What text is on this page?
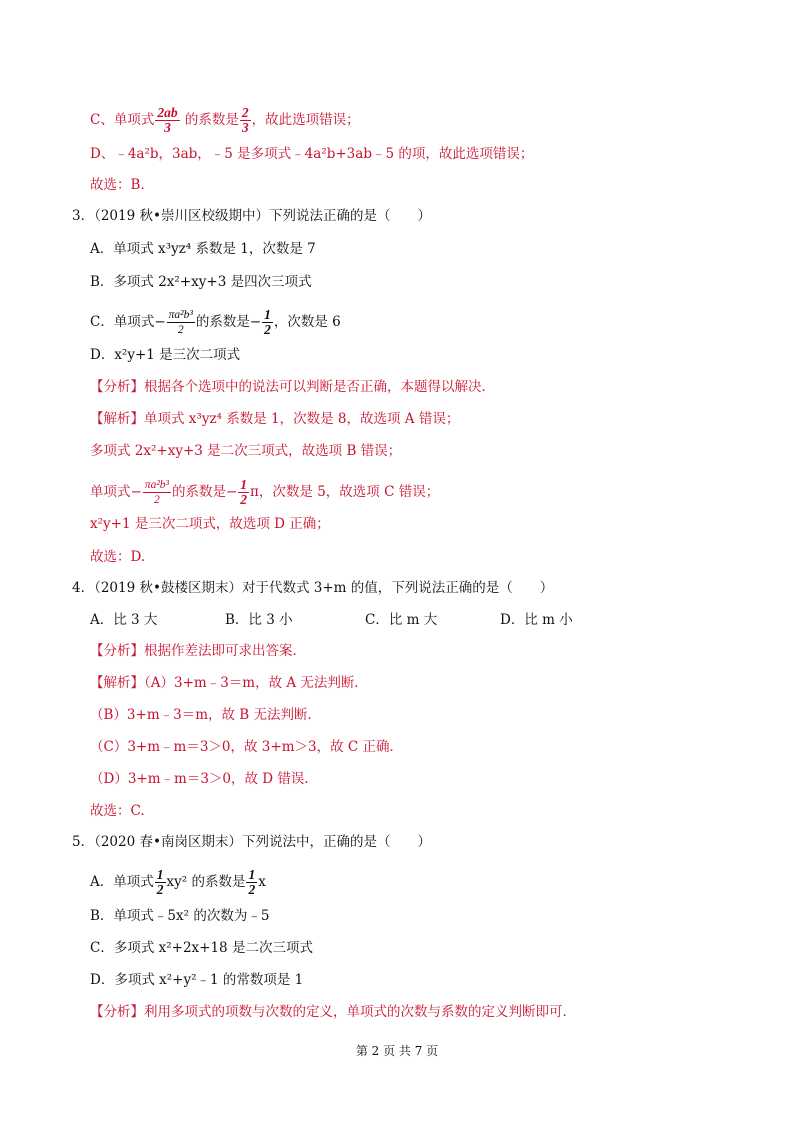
C、单项式 $\frac{2ab}{3}$ 的系数是 $\frac{2}{3}$ ，故此选项错误；
D、﹣4a²b，3ab，﹣5 是多项式﹣4a²b+3ab﹣5 的项，故此选项错误；
故选：B.
3．（2019 秋•崇川区校级期中）下列说法正确的是（　　）
A．单项式 x³yz⁴ 系数是 1，次数是 7
B．多项式 2x²+xy+3 是四次三项式
C．单项式− $\frac{\text{πa²b³}}{2}$ 的系数是− $\frac{1}{2}$ ，次数是 6
D．x²y+1 是三次二项式
【分析】根据各个选项中的说法可以判断是否正确，本题得以解决．
【解析】单项式 x³yz⁴ 系数是 1，次数是 8，故选项 A 错误；
多项式 2x²+xy+3 是二次三项式，故选项 B 错误；
单项式− $\frac{\text{πa²b³}}{2}$ 的系数是− $\frac{1}{2}$ π，次数是 5，故选项 C 错误；
x²y+1 是三次二项式，故选项 D 正确；
故选：D.
4．（2019 秋•鼓楼区期末）对于代数式 3+m 的值，下列说法正确的是（　　）
A．比 3 大	B．比 3 小	C．比 m 大	D．比 m 小
【分析】根据作差法即可求出答案．
【解析】（A）3+m﹣3＝m，故 A 无法判断．
（B）3+m﹣3＝m，故 B 无法判断．
（C）3+m﹣m＝3＞0，故 3+m＞3，故 C 正确．
（D）3+m﹣m＝3＞0，故 D 错误．
故选：C.
5．（2020 春•南岗区期末）下列说法中，正确的是（　　）
A．单项式 $\frac{1}{2} xy^2$ 的系数是 $\frac{1}{2}$ x
B．单项式﹣5x² 的次数为﹣5
C．多项式 x²+2x+18 是二次三项式
D．多项式 x²+y²﹣1 的常数项是 1
【分析】利用多项式的项数与次数的定义，单项式的次数与系数的定义判断即可．
第 2 页 共 7 页
